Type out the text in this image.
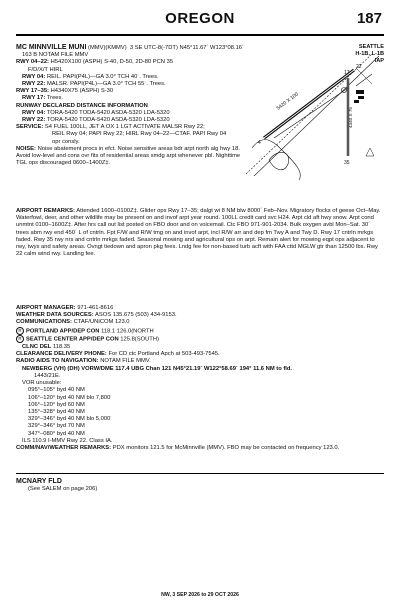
OREGON	187
SEATTLE
H-1B, L-1B
IAP
5420 X 100
4340 X 75
4
22
17
35
MC MINNVILLE MUNI (MMV)(KMMV) 3 SE UTC-8(-7DT) N45°11.67´ W123°08.16´
163 B NOTAM FILE MMV
RWY 04–22: H5420X100 (ASPH) S-40, D-50, 2D-80 PCN 35
F/D/X/T HIRL
RWY 04: REIL. PAPI(P4L)—GA 3.0° TCH 40´. Trees.
RWY 22: MALSR. PAPI(P4L)—GA 3.0° TCH 55´. Trees.
RWY 17–35: H4340X75 (ASPH) S-30
RWY 17: Trees.
RUNWAY DECLARED DISTANCE INFORMATION
RWY 04: TORA-5420 TODA-5420 ASDA-5320 LDA-5320
RWY 22: TORA-5420 TODA-5420 ASDA-5320 LDA-5320
SERVICE: S4 FUEL 100LL, JET A OX 1 LGT ACTIVATE MALSR Rwy 22;
REIL Rwy 04; PAPI Rwy 22; HIRL Rwy 04–22—CTAF. PAPI Rwy 04
opr consly.
NOISE: Noise abatement procs in efct. Noise sensitive areas bdr arpt north alg hwy 18. Avoid low-level and cons ovr fits of residential areas smdg arpt whenever pbl. Nighttime TGL ops discouraged 0600–1400Z‡.
AIRPORT REMARKS: Attended 1600–0100Z‡. Glider ops Rwy 17–35; dalgt wi 8 NM blw 8000´ Feb–Nov. Migratory flocks of geese Oct–May. Waterfowl, deer, and other wildlife may be present on and invof arpt year round. 100LL credit card svc H24. Arpt cld aft hwy snow. Arpt cond unmtnt 0100–1600Z‡. After hrs call out list posted on FBO door and on voicemail. Ctc FBO 971-901-2034. Bulk oxygen avbl Mon–Sat. 30´ trees abm rwy end 450´ L of cntrln. Fpt F/W and R/W tmg on and invof arpt, incl R/W arr and dep fm Twy A and Twy D. Rwy 17 cntrln mrkgs faded. Rwy 35 rwy nrs and cntrln mrkgs faded. Seasonal mowing and agricultural ops on arpt. Remain alert for mowing eqpt ops adjacent to rwy, twys and safety areas. Ovngt tiedown and apron pkg fees. Lndg fee for non-based turb acft with FAA cttd MGLW gtr than 12500 lbs. Rwy 22 calm wind rwy. Landing fee.
AIRPORT MANAGER: 971-461-8616
WEATHER DATA SOURCES: ASOS 135.675 (503) 434-9153.
COMMUNICATIONS: CTAF/UNICOM 123.0
R PORTLAND APP/DEP CON 118.1 126.0(NORTH
R SEATTLE CENTER APP/DEP CON 125.8(SOUTH)
CLNC DEL 118.35
CLEARANCE DELIVERY PHONE: For CD ctc Portland Apch at 503-493-7545.
RADIO AIDS TO NAVIGATION: NOTAM FILE MMV.
NEWBERG (VH) (DH) VORW/DME 117.4 UBG Chan 121 N45°21.19´ W122°58.69´ 194° 11.6 NM to fld.
1443/21E.
VOR unusable:
095°–105° byd 40 NM
106°–120° byd 40 NM blo 7,800´
106°–120° byd 60 NM
135°–328° byd 40 NM
329°–346° byd 40 NM blo 5,000´
329°–346° byd 70 NM
347°–080° byd 40 NM
ILS 110.9 I-MMV Rwy 22. Class IA.
COMM/NAV/WEATHER REMARKS: PDX monitors 121.5 for McMinnville (MMV). FBO may be contacted on frequency 123.0.
MCNARY FLD
(See SALEM on page 206)
NW, 3 SEP 2026 to 29 OCT 2026
